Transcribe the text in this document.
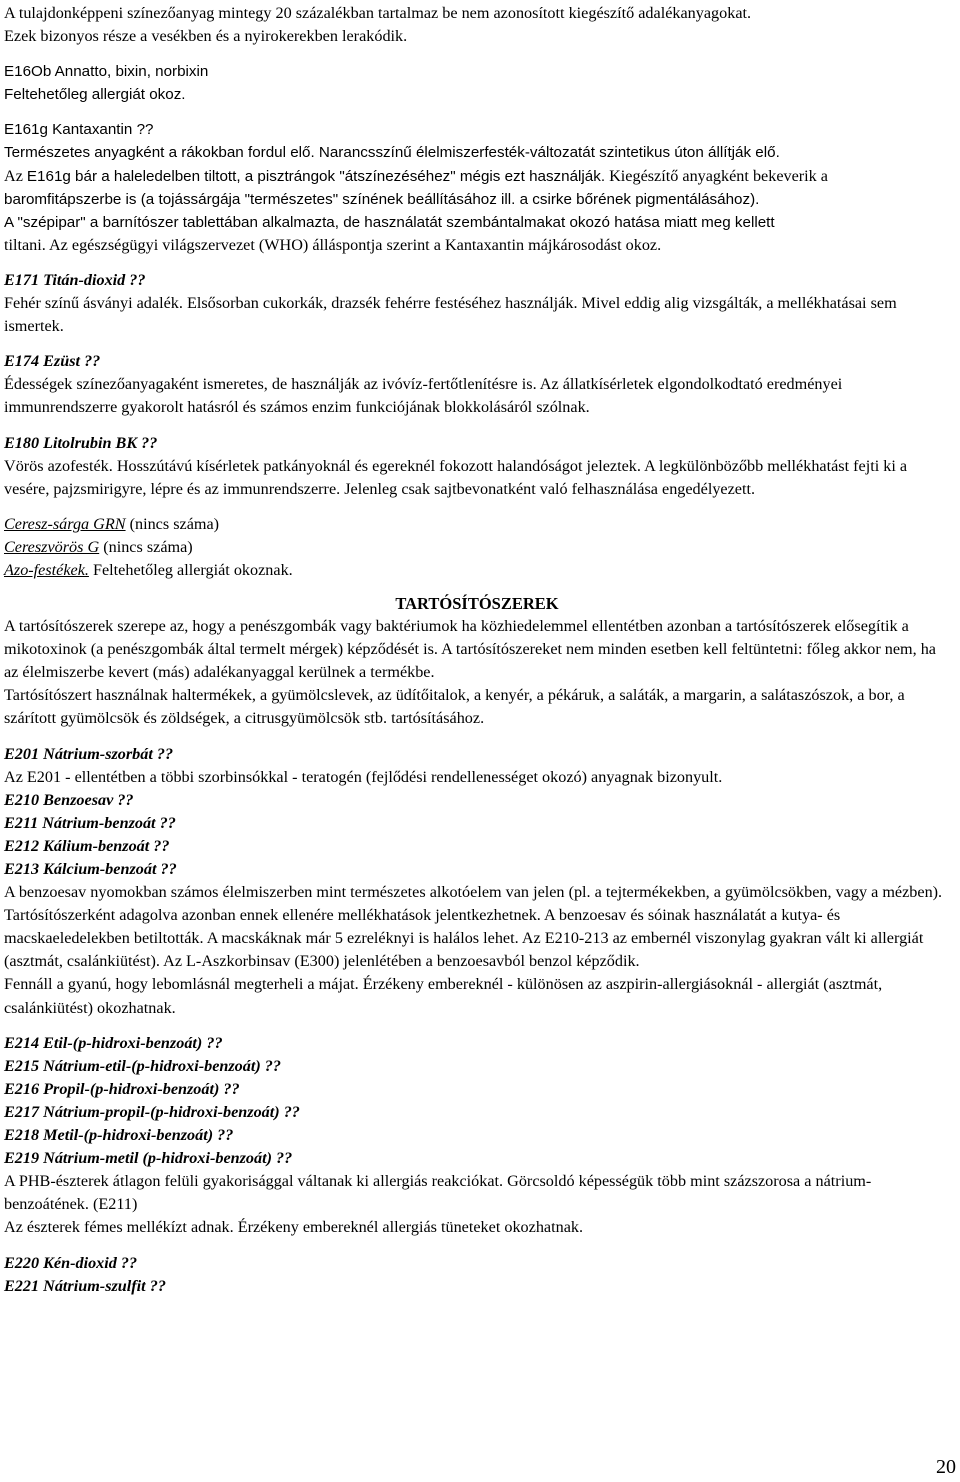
A tulajdonképpeni színezőanyag mintegy 20 százalékban tartalmaz be nem azonosított kiegészítő adalékanyagokat.

Ezek bizonyos része a vesékben és a nyirokerekben lerakódik.

E16Ob Annatto, bixin, norbixin

Feltehetőleg allergiát okoz.

E161g Kantaxantin ??

Természetes anyagként a rákokban fordul elő. Narancsszínű élelmiszerfesték-változatát szintetikus úton állítják elő.

Az E161g bár a haleledelben tiltott, a pisztrángok "átszínezéséhez" mégis ezt használják. Kiegészítő anyagként bekeverik a

baromfitápszerbe is (a tojássárgája "természetes" színének beállításához ill. a csirke bőrének pigmentálásához).

A "szépipar" a barnítószer tablettában alkalmazta, de használatát szembántalmakat okozó hatása miatt meg kellett

tiltani. Az egészségügyi világszervezet (WHO) álláspontja szerint a Kantaxantin májkárosodást okoz.

E171 Titán-dioxid ??

Fehér színű ásványi adalék. Elsősorban cukorkák, drazsék fehérre festéséhez használják. Mivel eddig alig vizsgálták, a mellékhatásai sem ismertek.

E174 Ezüst ??

Édességek színezőanyagaként ismeretes, de használják az ivóvíz-fertőtlenítésre is. Az állatkísérletek elgondolkodtató eredményei immunrendszerre gyakorolt hatásról és számos enzim funkciójának blokkolásáról szólnak.

E180 Litolrubin BK ??

Vörös azofesték. Hosszútávú kísérletek patkányoknál és egereknél fokozott halandóságot jeleztek. A legkülönbözőbb mellékhatást fejti ki a vesére, pajzsmirigyre, lépre és az immunrendszerre. Jelenleg csak sajtbevonatként való felhasználása engedélyezett.

Ceresz-sárga GRN (nincs száma)

Cereszvörös G (nincs száma)

Azo-festékek. Feltehetőleg allergiát okoznak.

TARTÓSÍTÓSZEREK

A tartósítószerek szerepe az, hogy a penészgombák vagy baktériumok ha közhiedelemmel ellentétben azonban a tartósítószerek elősegítik a mikotoxinok (a penészgombák által termelt mérgek) képződését is. A tartósítószereket nem minden esetben kell feltüntetni: főleg akkor nem, ha az élelmiszerbe kevert (más) adalékanyaggal kerülnek a termékbe.

Tartósítószert használnak haltermékek, a gyümölcslevek, az üdítőitalok, a kenyér, a pékáruk, a saláták, a margarin, a salátaszószok, a bor, a szárított gyümölcsök és zöldségek, a citrusgyümölcsök stb. tartósításához.

E201 Nátrium-szorbát ??

Az E201 - ellentétben a többi szorbinsókkal - teratogén (fejlődési rendellenességet okozó) anyagnak bizonyult.

E210 Benzoesav ??

E211 Nátrium-benzoát ??

E212 Kálium-benzoát ??

E213 Kálcium-benzoát ??

A benzoesav nyomokban számos élelmiszerben mint természetes alkotóelem van jelen (pl. a tejtermékekben, a gyümölcsökben, vagy a mézben). Tartósítószerként adagolva azonban ennek ellenére mellékhatások jelentkezhetnek. A benzoesav és sóinak használatát a kutya- és macskaeledelekben betiltották. A macskáknak már 5 ezreléknyi is halálos lehet. Az E210-213 az embernél viszonylag gyakran vált ki allergiát (asztmát, csalánkiütést). Az L-Aszkorbinsav (E300) jelenlétében a benzoesavból benzol képződik.

Fennáll a gyanú, hogy lebomlásnál megterheli a májat. Érzékeny embereknél - különösen az aszpirin-allergiásoknál - allergiát (asztmát, csalánkiütést) okozhatnak.

E214 Etil-(p-hidroxi-benzoát) ??

E215 Nátrium-etil-(p-hidroxi-benzoát) ??

E216 Propil-(p-hidroxi-benzoát) ??

E217 Nátrium-propil-(p-hidroxi-benzoát) ??

E218 Metil-(p-hidroxi-benzoát) ??

E219 Nátrium-metil (p-hidroxi-benzoát) ??

A PHB-észterek átlagon felüli gyakorisággal váltanak ki allergiás reakciókat. Görcsoldó képességük több mint százszorosa a nátrium-benzoátének. (E211)

Az észterek fémes mellékízt adnak. Érzékeny embereknél allergiás tüneteket okozhatnak.

E220 Kén-dioxid ??

E221 Nátrium-szulfit ??

20
